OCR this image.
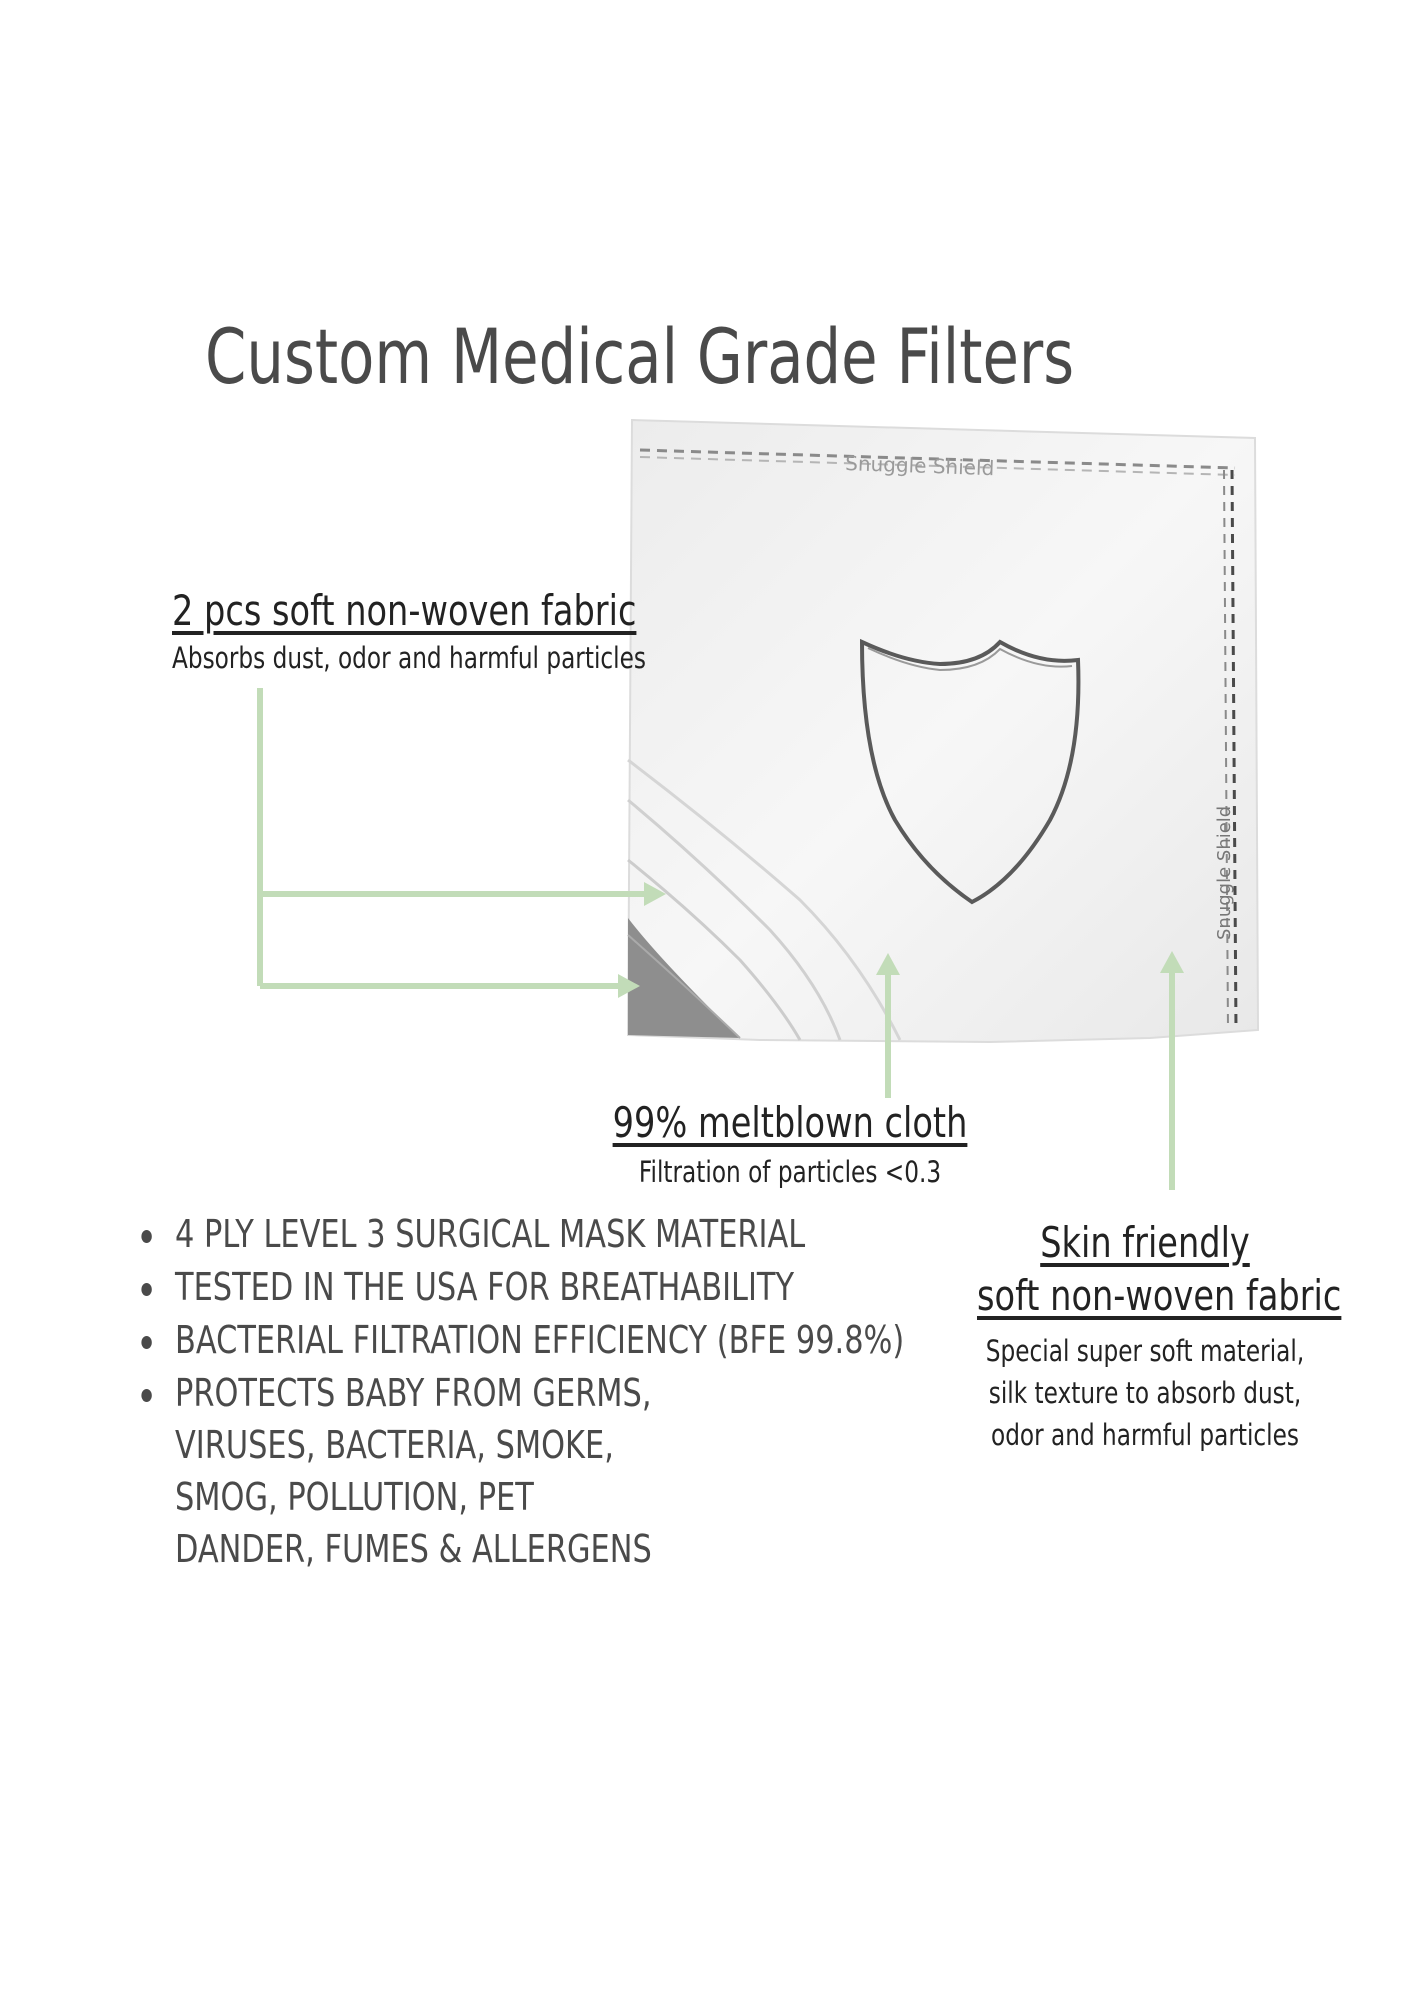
Custom Medical Grade Filters
Snuggle Shield
Snuggle Shield
2 pcs soft non-woven fabric
Absorbs dust, odor and harmful particles
99% meltblown cloth
Filtration of particles <0.3
Skin friendly
soft non-woven fabric
Special super soft material,
silk texture to absorb dust,
odor and harmful particles
4 PLY LEVEL 3 SURGICAL MASK MATERIAL
TESTED IN THE USA FOR BREATHABILITY
BACTERIAL FILTRATION EFFICIENCY (BFE 99.8%)
PROTECTS BABY FROM GERMS, VIRUSES, BACTERIA, SMOKE, SMOG, POLLUTION, PET DANDER, FUMES & ALLERGENS
